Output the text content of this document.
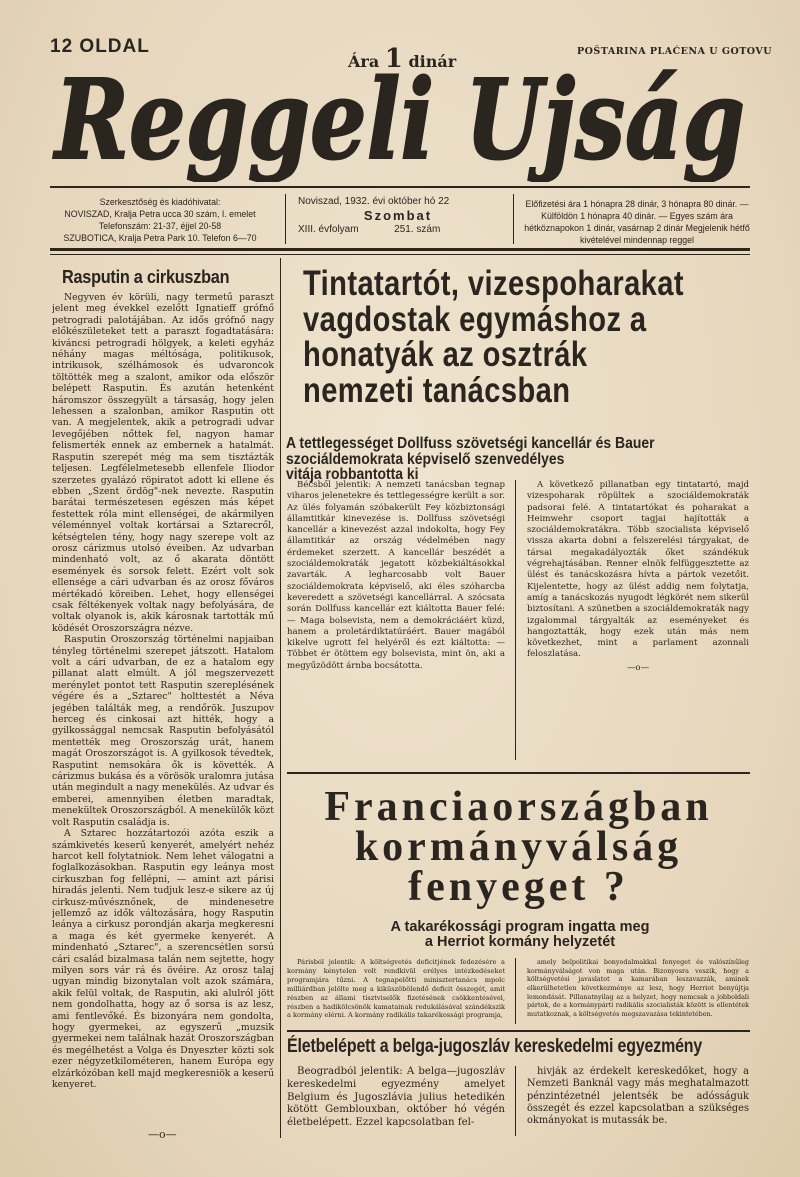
12 OLDAL
Ára 1 dinár
POŠTARINA PLAĆENA U GOTOVU
Reggeli Ujság

Szerkesztőség és kiadóhivatal:

NOVISZAD, Kralja Petra ucca 30 szám, I. emelet

Telefonszám: 21-37, éjjel 20-58

SZUBOTICA, Kralja Petra Park 10. Telefon 6—70

Noviszad, 1932. évi október hó 22

Szombat

XIII. évfolyam	251. szám

Előfizetési ára 1 hónapra 28 dinár, 3 hónapra 80 dinár. — Külföldön 1 hónapra 40 dinár. — Egyes szám ára hétköznapokon 1 dinár, vasárnap 2 dinár Megjelenik hétfő kivételével mindennap reggel
Rasputin a cirkuszban

Negyven év körüli, nagy termetű paraszt jelent meg évekkel ezelőtt Ignatieff grófnő petrogradi palotájában. Az idős grófnő nagy előkészületeket tett a paraszt fogadtatására: kiváncsi petrogradi hölgyek, a keleti egyház néhány magas méltósága, politikusok, intrikusok, szélhámosok és udvaroncok töltötték meg a szalont, amikor oda először belépett Rasputin. És azután hetenként háromszor összegyült a társaság, hogy jelen lehessen a szalonban, amikor Rasputin ott van. A megjelentek, akik a petrogradi udvar levegőjében nőttek fel, nagyon hamar felismerték ennek az embernek a hatalmát. Rasputin szerepét még ma sem tisztázták teljesen. Legfélelmetesebb ellenfele Iliodor szerzetes gyalázó röpiratot adott ki ellene és ebben „Szent ördög"-nek nevezte. Rasputin barátai természetesen egészen más képet festettek róla mint ellenségei, de akármilyen véleménnyel voltak kortársai a Sztarecről, kétségtelen tény, hogy nagy szerepe volt az orosz cárizmus utolsó éveiben. Az udvarban mindenható volt, az ő akarata döntött események és sorsok felett. Ezért volt sok ellensége a cári udvarban és az orosz főváros mértékadó köreiben. Lehet, hogy ellenségei csak féltékenyek voltak nagy befolyására, de voltak olyanok is, akik károsnak tartották mű ködését Oroszországra nézve.

Rasputin Oroszország történelmi napjaiban tényleg történelmi szerepet játszott. Hatalom volt a cári udvarban, de ez a hatalom egy pillanat alatt elmúlt. A jól megszervezett merénylet pontot tett Rasputin szereplésének végére és a „Sztarec" holttestét a Néva jegében találták meg, a rendőrök. Juszupov herceg és cinkosai azt hitték, hogy a gyilkossággal nemcsak Rasputin befolyásától mentették meg Oroszország urát, hanem magát Oroszországot is. A gyilkosok tévedtek, Rasputint nemsokára ők is követték. A cárizmus bukása és a vörösök uralomra jutása után megindult a nagy menekülés. Az udvar és emberei, amennyiben életben maradtak, menekültek Oroszországból. A menekülők közt volt Rasputin családja is.

A Sztarec hozzátartozói azóta eszik a számkivetés keserű kenyerét, amelyért nehéz harcot kell folytatniok. Nem lehet válogatni a foglalkozásokban. Rasputin egy leánya most cirkuszban fog fellépni, — amint azt párisi hiradás jelenti. Nem tudjuk lesz-e sikere az új cirkusz-művésznőnek, de mindenesetre jellemző az idők változására, hogy Rasputin leánya a cirkusz porondján akarja megkeresni a maga és két gyermeke kenyerét. A mindenható „Sztarec", a szerencsétlen sorsú cári család bizalmasa talán nem sejtette, hogy milyen sors vár rá és övéire. Az orosz talaj ugyan mindig bizonytalan volt azok számára, akik felül voltak, de Rasputin, aki alulról jött nem gondolhatta, hogy az ő sorsa is az lesz, ami fentlevőké. És bizonyára nem gondolta, hogy gyermekei, az egyszerű „muzsik gyermekei nem találnak hazát Oroszországban és megélhetést a Volga és Dnyeszter közti sok ezer négyzetkilométeren, hanem Európa egy elzárkózóban kell majd megkeresniök a keserű kenyeret.

—o—
Tintatartót, vizespoharakat
vagdostak egymáshoz a
honatyák az osztrák
nemzeti tanácsban
A tettlegességet Dollfuss szövetségi kancellár és Bauer
szociáldemokrata képviselő szenvedélyes
vitája robbantotta ki
Bécsből jelentik: A nemzeti tanácsban tegnap viharos jelenetekre és tettlegességre került a sor. Az ülés folyamán szóbakerült Fey közbiztonsági államtitkár kinevezése is. Dollfuss szövetségi kancellár a kinevezést azzal indokolta, hogy Fey államtitkár az ország védelmében nagy érdemeket szerzett. A kancellár beszédét a szociáldemokraták jegatott közbekiáltásokkal zavarták. A legharcosabb volt Bauer szociáldemokrata képviselő, aki éles szóharcba keveredett a szövetségi kancellárral. A szócsata során Dollfuss kancellár ezt kiáltotta Bauer felé: — Maga bolsevista, nem a demokráciáért küzd, hanem a proletárdiktatúráért. Bauer magából kikelve ugrott fel helyéről és ezt kiáltotta: — Többet ér ötöttem egy bolsevista, mint ön, aki a megyűzödött árnba bocsátotta.

A következő pillanatban egy tintatartó, majd vizespoharak röpültek a szociáldemokraták padsorai felé. A tintatartókat és poharakat a Heimwehr csoport tagjai hajították a szociáldemokratákra. Több szocialista képviselő vissza akarta dobni a felszerelési tárgyakat, de társai megakadályozták őket szándékuk végrehajtásában. Renner elnök felfüggesztette az ülést és tanácskozásra hívta a pártok vezetőit. Kijelentette, hogy az ülést addig nem folytatja, amíg a tanácskozás nyugodt légkörét nem sikerül biztosítani. A szünetben a szociáldemokraták nagy izgalommal tárgyalták az eseményeket és hangoztatták, hogy ezek után más nem következhet, mint a parlament azonnali feloszlatása.

—o—

Franciaországban
kormányválság
fenyeget ?
A takarékossági program ingatta meg
a Herriot kormány helyzetét
Párisból jelentik: A költségvetés deficitjének fedezésére a kormány kénytelen volt rendkivül erélyes intézkedéseket programjára tűzni. A tegnapelőtti minisztertanács mpolc milliárdban jelölte meg a kiküszöbölendő deficit összegét, amit részben az állami tisztviselők fizetésének csökkentésével, részben a hadikölcsönök kamatainak redukálásával szándékszik a kormány elérni. A kormány radikális takarékossági programja,
amely belpolitikai bonyodalmakkal fenyeget és valószínűleg kormányválságot von maga után. Bizonyosra veszik, hogy a költségvetési javaslatot a kamarában leszavazzák, aminek elkerülhetetlen következménye az lesz, hogy Herriot benyújtja lemondását. Pillanatnyilag az a helyzet, hogy nemcsak a jobboldali pártok, de a kormánypárti radikális szocialisták között is ellentétek mutatkoznak, a költségvetés megszavazása tekintetében.
Életbelépett a belga-jugoszláv kereskedelmi egyezmény
Beogradból jelentik: A belga—jugoszláv kereskedelmi egyezmény amelyet Belgium és Jugoszlávia julius hetedikén kötött Gemblouxban, október hó végén életbelépett. Ezzel kapcsolatban fel-
hivják az érdekelt kereskedőket, hogy a Nemzeti Banknál vagy más meghatalmazott pénzintézetnél jelentsék be adósságuk összegét és ezzel kapcsolatban a szükséges okmányokat is mutassák be.
